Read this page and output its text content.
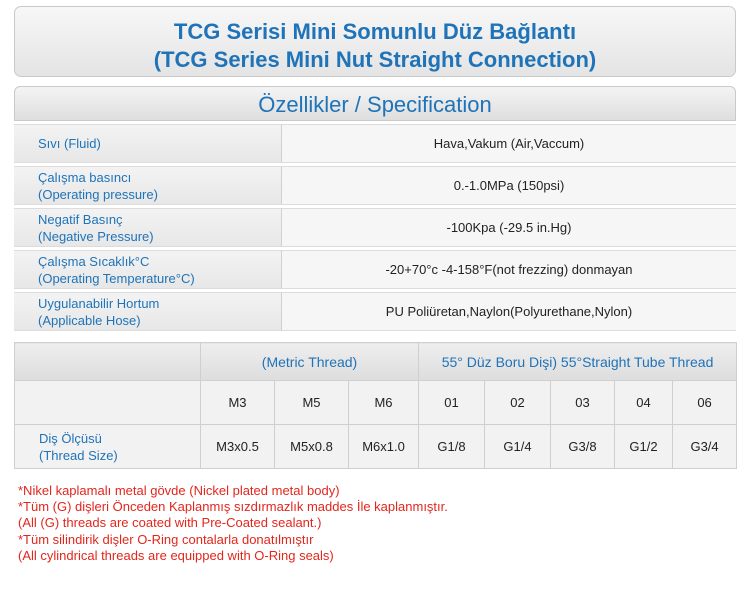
TCG Serisi Mini Somunlu Düz Bağlantı
(TCG Series Mini Nut Straight Connection)
Özellikler / Specification
Sıvı (Fluid)	Hava,Vakum (Air,Vaccum)

Çalışma basıncı
(Operating pressure)	0.-1.0MPa (150psi)

Negatif Basınç
(Negative Pressure)	-100Kpa (-29.5 in.Hg)

Çalışma Sıcaklık°C
(Operating Temperature°C)	-20+70°c -4-158°F(not frezzing) donmayan

Uygulanabilir Hortum
(Applicable Hose)	PU Poliüretan,Naylon(Polyurethane,Nylon)
	(Metric Thread)			55° Düz Boru Dişi) 55°Straight Tube Thread				
	M3	M5	M6	01	02	03	04	06

Diş Ölçüsü
(Thread Size)	M3x0.5	M5x0.8	M6x1.0	G1/8	G1/4	G3/8	G1/2	G3/4
*Nikel kaplamalı metal gövde (Nickel plated metal body)
*Tüm (G) dişleri Önceden Kaplanmış sızdırmazlık maddes İle kaplanmıştır.
(All (G) threads are coated with Pre-Coated sealant.)
*Tüm silindirik dişler O-Ring contalarla donatılmıştır
(All cylindrical threads are equipped with O-Ring seals)
